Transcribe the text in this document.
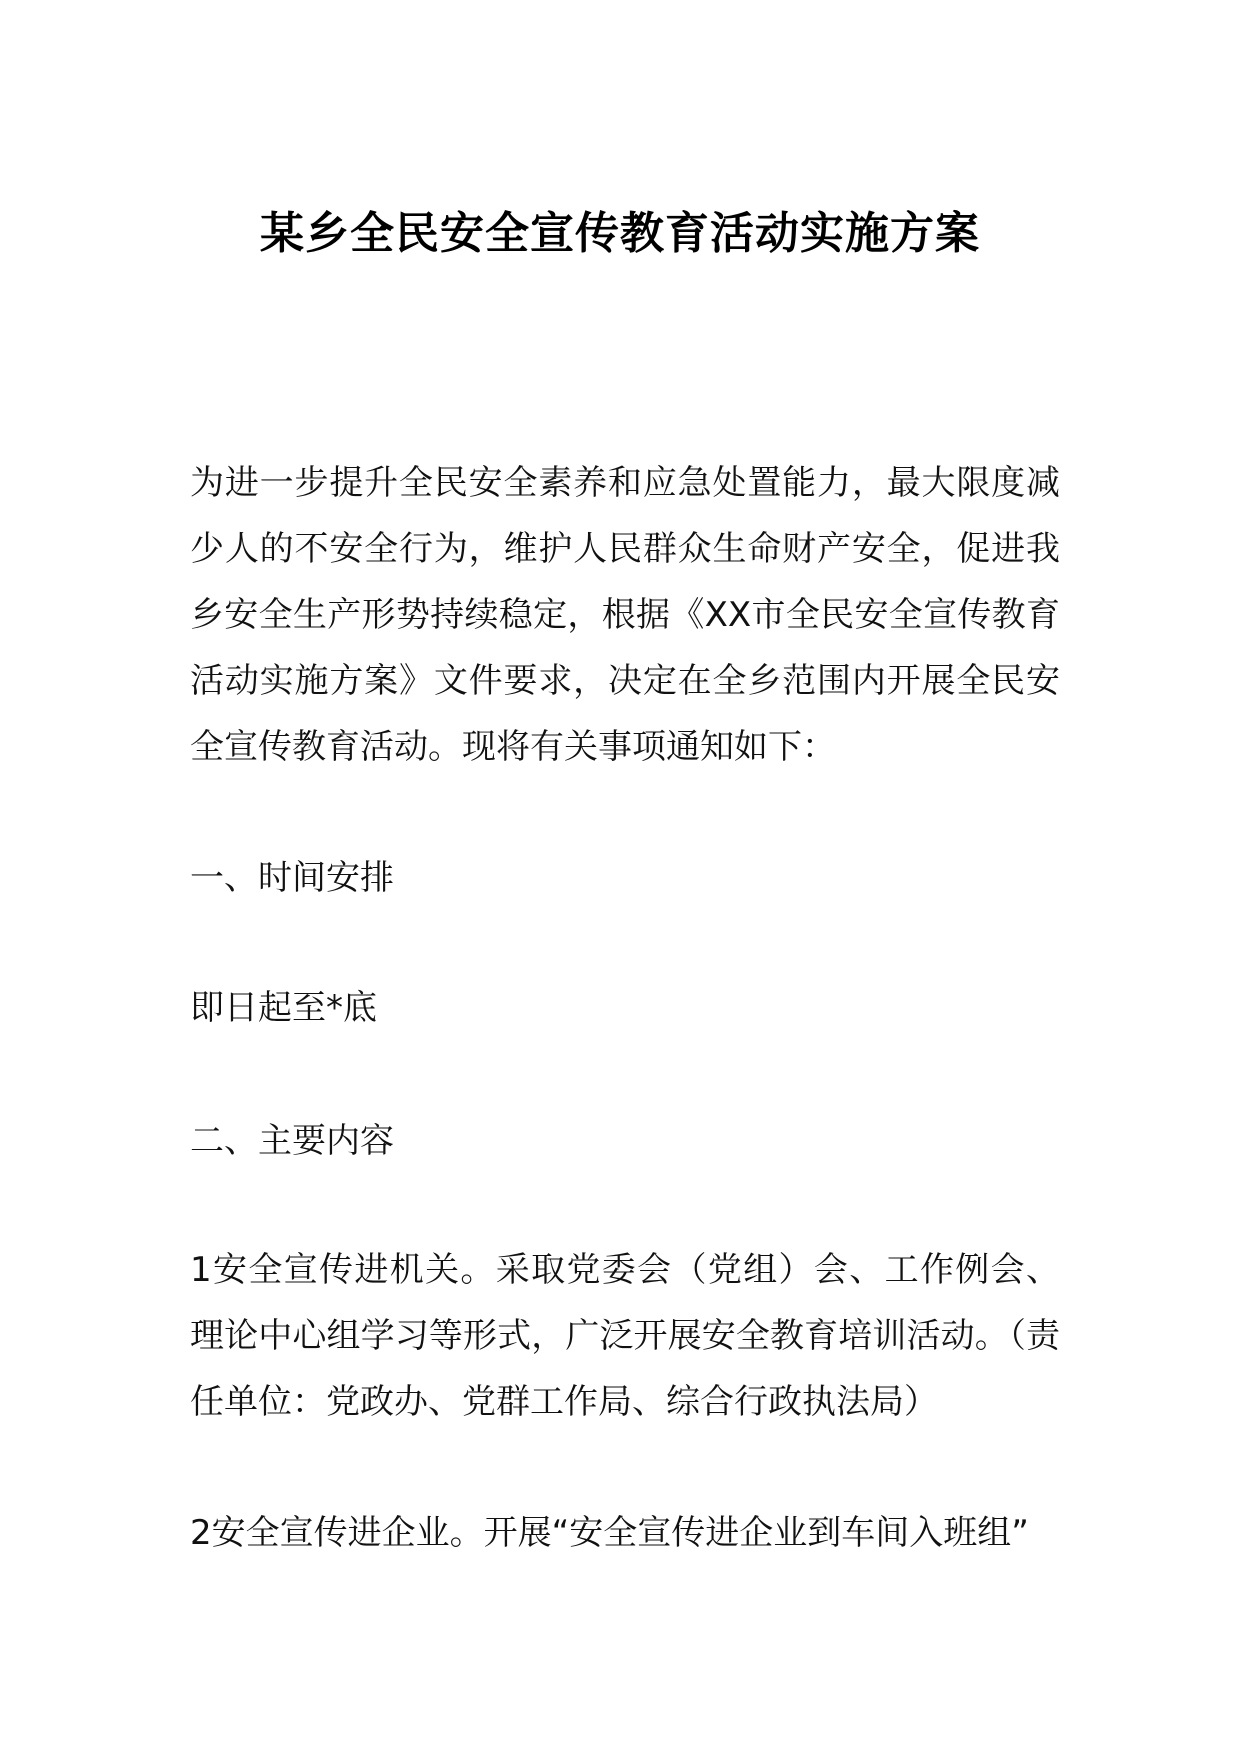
某乡全民安全宣传教育活动实施方案

为进一步提升全民安全素养和应急处置能力，最大限度减少人的不安全行为，维护人民群众生命财产安全，促进我乡安全生产形势持续稳定，根据《XX市全民安全宣传教育活动实施方案》文件要求，决定在全乡范围内开展全民安全宣传教育活动。现将有关事项通知如下：

一、时间安排

即日起至*底

二、主要内容

1安全宣传进机关。采取党委会（党组）会、工作例会、理论中心组学习等形式，广泛开展安全教育培训活动。（责任单位：党政办、党群工作局、综合行政执法局）

2安全宣传进企业。开展“安全宣传进企业到车间入班组”
